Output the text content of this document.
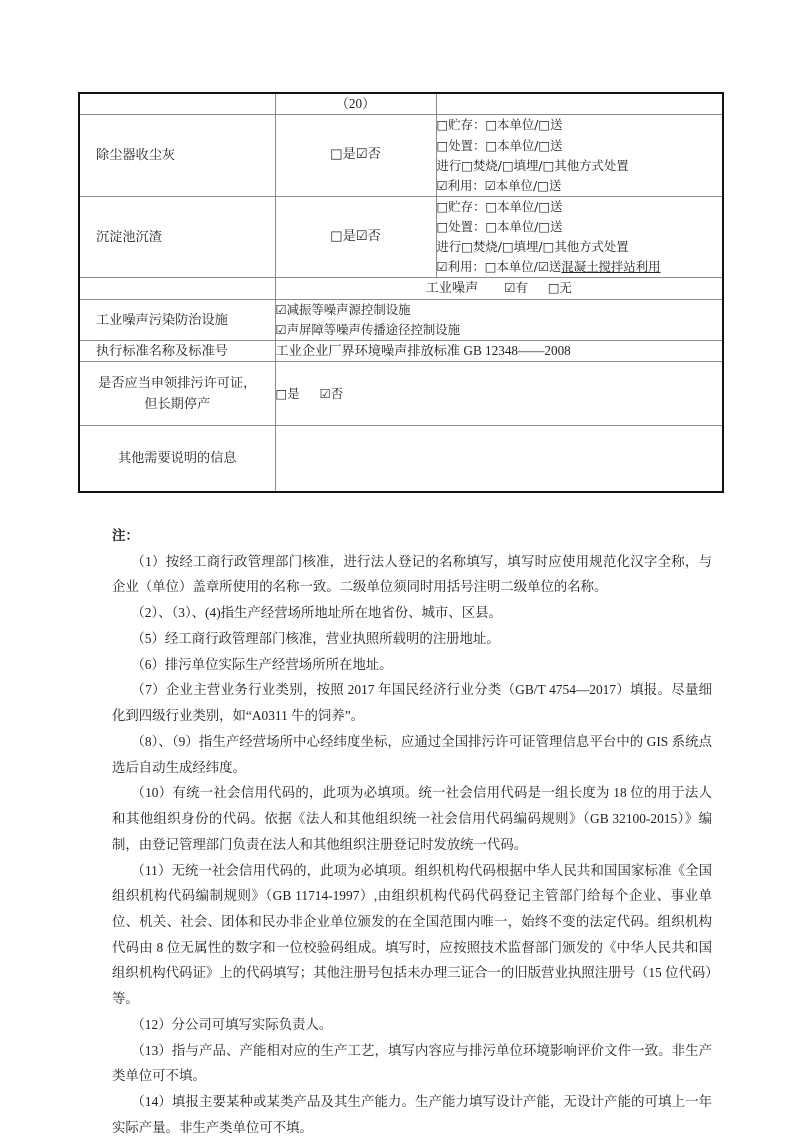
	（20）	
除尘器收尘灰	□是☑否	□贮存：□本单位/□送
□处置：□本单位/□送
进行□焚烧/□填埋/□其他方式处置
☑利用：☑本单位/□送

沉淀池沉渣	□是☑否	□贮存：□本单位/□送
□处置：□本单位/□送
进行□焚烧/□填埋/□其他方式处置
☑利用：□本单位/☑送混凝土搅拌站利用

	工业噪声 ☑有 □无	
工业噪声污染防治设施	☑减振等噪声源控制设施
☑声屏障等噪声传播途径控制设施	

执行标准名称及标准号	工业企业厂界环境噪声排放标准 GB 12348——2008	

是否应当申领排污许可证，
但长期停产	□是 ☑否	
其他需要说明的信息		
注：

（1）按经工商行政管理部门核准，进行法人登记的名称填写，填写时应使用规范化汉字全称，与企业（单位）盖章所使用的名称一致。二级单位须同时用括号注明二级单位的名称。

（2）、（3）、(4)指生产经营场所地址所在地省份、城市、区县。

（5）经工商行政管理部门核准，营业执照所载明的注册地址。

（6）排污单位实际生产经营场所所在地址。

（7）企业主营业务行业类别，按照 2017 年国民经济行业分类（GB/T 4754—2017）填报。尽量细化到四级行业类别，如“A0311 牛的饲养”。

（8）、（9）指生产经营场所中心经纬度坐标，应通过全国排污许可证管理信息平台中的 GIS 系统点选后自动生成经纬度。

（10）有统一社会信用代码的，此项为必填项。统一社会信用代码是一组长度为 18 位的用于法人和其他组织身份的代码。依据《法人和其他组织统一社会信用代码编码规则》（GB 32100-2015）》编制，由登记管理部门负责在法人和其他组织注册登记时发放统一代码。

（11）无统一社会信用代码的，此项为必填项。组织机构代码根据中华人民共和国国家标准《全国组织机构代码编制规则》（GB 11714-1997）,由组织机构代码代码登记主管部门给每个企业、事业单位、机关、社会、团体和民办非企业单位颁发的在全国范围内唯一，始终不变的法定代码。组织机构代码由 8 位无属性的数字和一位校验码组成。填写时，应按照技术监督部门颁发的《中华人民共和国组织机构代码证》上的代码填写；其他注册号包括未办理三证合一的旧版营业执照注册号（15 位代码）等。

（12）分公司可填写实际负责人。

（13）指与产品、产能相对应的生产工艺，填写内容应与排污单位环境影响评价文件一致。非生产类单位可不填。

（14）填报主要某种或某类产品及其生产能力。生产能力填写设计产能，无设计产能的可填上一年实际产量。非生产类单位可不填。
